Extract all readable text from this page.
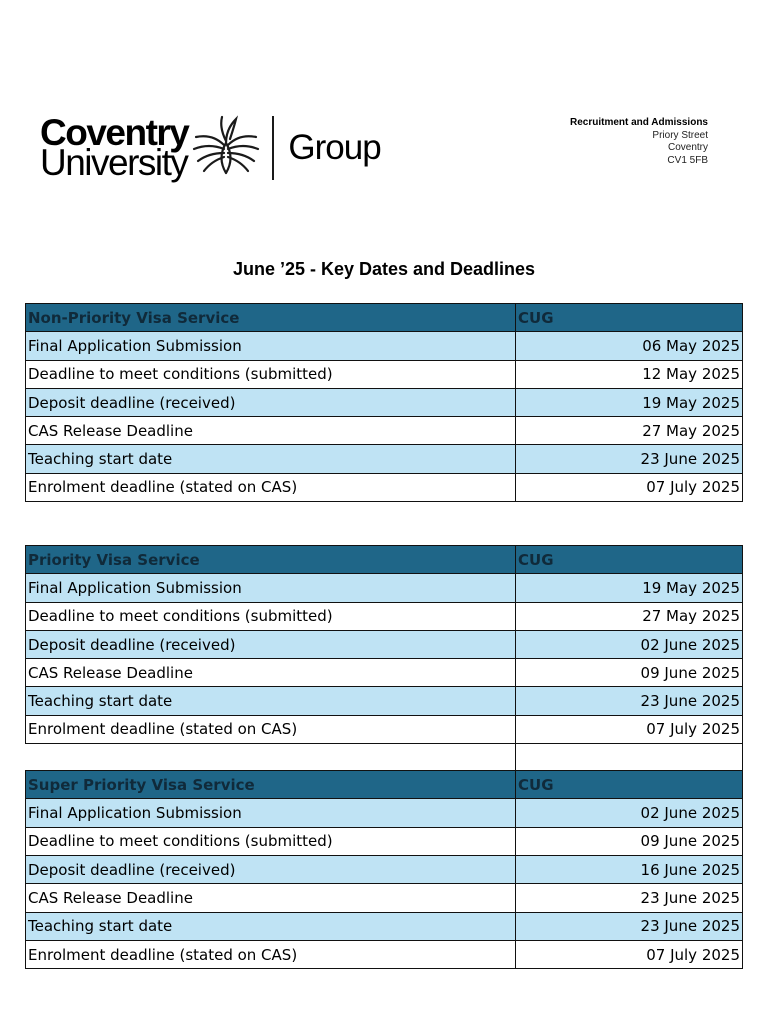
Coventry
University	Group
Recruitment and Admissions
Priory Street
Coventry
CV1 5FB
June ’25 - Key Dates and Deadlines
Non-Priority Visa Service	CUG
Final Application Submission	06 May 2025
Deadline to meet conditions (submitted)	12 May 2025
Deposit deadline (received)	19 May 2025
CAS Release Deadline	27 May 2025
Teaching start date	23 June 2025
Enrolment deadline (stated on CAS)	07 July 2025
Priority Visa Service	CUG
Final Application Submission	19 May 2025
Deadline to meet conditions (submitted)	27 May 2025
Deposit deadline (received)	02 June 2025
CAS Release Deadline	09 June 2025
Teaching start date	23 June 2025
Enrolment deadline (stated on CAS)	07 July 2025

Super Priority Visa Service	CUG
Final Application Submission	02 June 2025
Deadline to meet conditions (submitted)	09 June 2025
Deposit deadline (received)	16 June 2025
CAS Release Deadline	23 June 2025
Teaching start date	23 June 2025
Enrolment deadline (stated on CAS)	07 July 2025
